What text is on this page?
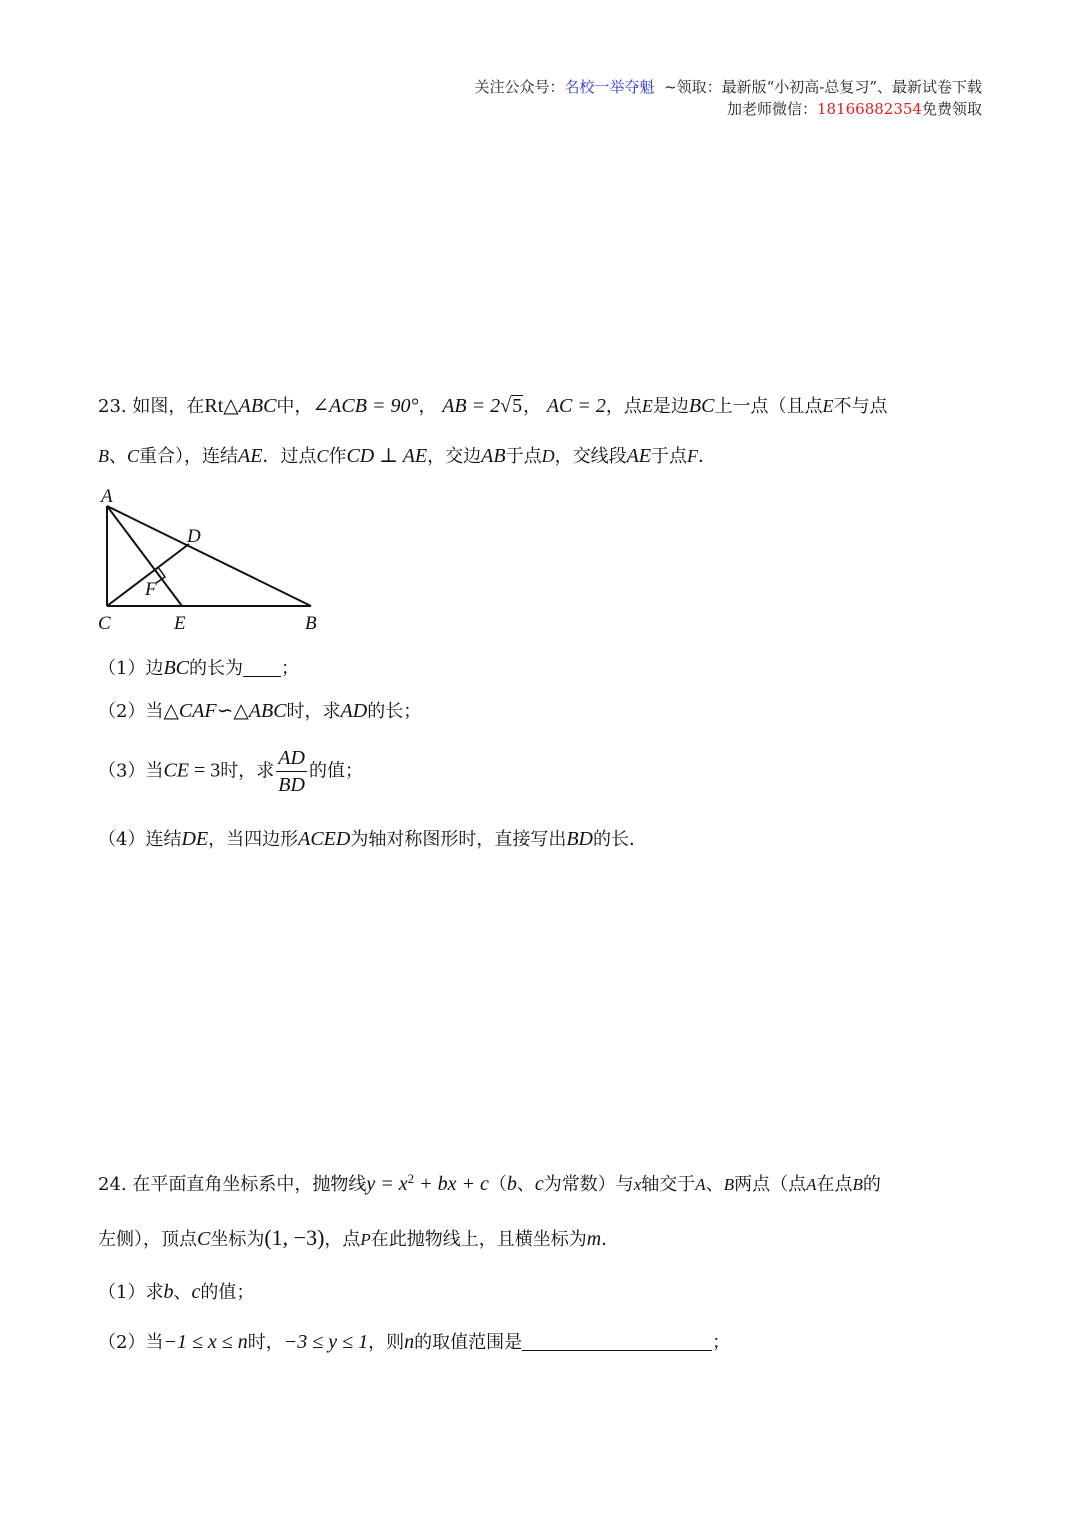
关注公众号：名校一举夺魁  ~领取：最新版“小初高-总复习”、最新试卷下载
加老师微信：18166882354免费领取
23. 如图，在Rt△ABC中，∠ACB = 90°， AB = 2√5， AC = 2，点E是边BC上一点（且点E不与点
B、C重合），连结AE．过点C作CD ⊥ AE，交边AB于点D，交线段AE于点F．
A
D
F
C	E	B
（1）边BC的长为 ；
（2）当△CAF∽△ABC时，求AD的长；
（3）当CE = 3时，求 $\frac{AD}{BD}$ 的值；
（4）连结DE，当四边形ACED为轴对称图形时，直接写出BD的长．
24. 在平面直角坐标系中，抛物线$y = x^2$ + bx + c（b、c为常数）与x轴交于A、B两点（点A在点B的
左侧），顶点C坐标为(1, −3)，点P在此抛物线上，且横坐标为m．
（1）求b、c的值；
（2）当−1 ≤ x ≤ n时，−3 ≤ y ≤ 1，则n的取值范围是	；
